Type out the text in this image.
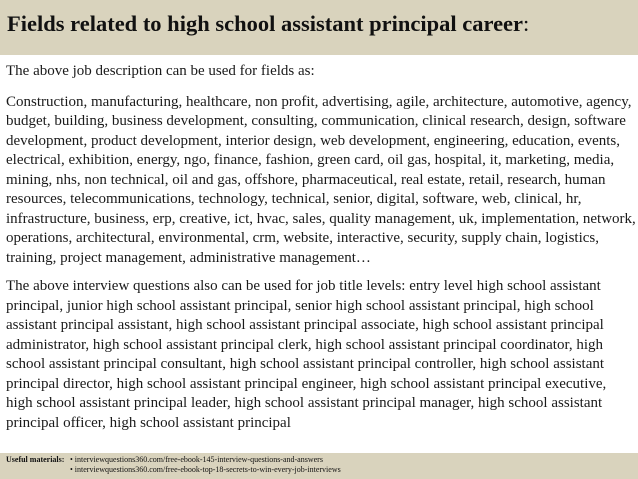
Fields related to high school assistant principal career:

The above job description can be used for fields as:

Construction, manufacturing, healthcare, non profit, advertising, agile, architecture, automotive, agency, budget, building, business development, consulting, communication, clinical research, design, software development, product development, interior design, web development, engineering, education, events, electrical, exhibition, energy, ngo, finance, fashion, green card, oil gas, hospital, it, marketing, media, mining, nhs, non technical, oil and gas, offshore, pharmaceutical, real estate, retail, research, human resources, telecommunications, technology, technical, senior, digital, software, web, clinical, hr, infrastructure, business, erp, creative, ict, hvac, sales, quality management, uk, implementation, network, operations, architectural, environmental, crm, website, interactive, security, supply chain, logistics, training, project management, administrative management…

The above interview questions also can be used for job title levels: entry level high school assistant principal, junior high school assistant principal, senior high school assistant principal, high school assistant principal assistant, high school assistant principal associate, high school assistant principal administrator, high school assistant principal clerk, high school assistant principal coordinator, high school assistant principal consultant, high school assistant principal controller, high school assistant principal director, high school assistant principal engineer, high school assistant principal executive, high school assistant principal leader, high school assistant principal manager, high school assistant principal officer, high school assistant principal

Useful materials: • interviewquestions360.com/free-ebook-145-interview-questions-and-answers
• interviewquestions360.com/free-ebook-top-18-secrets-to-win-every-job-interviews
